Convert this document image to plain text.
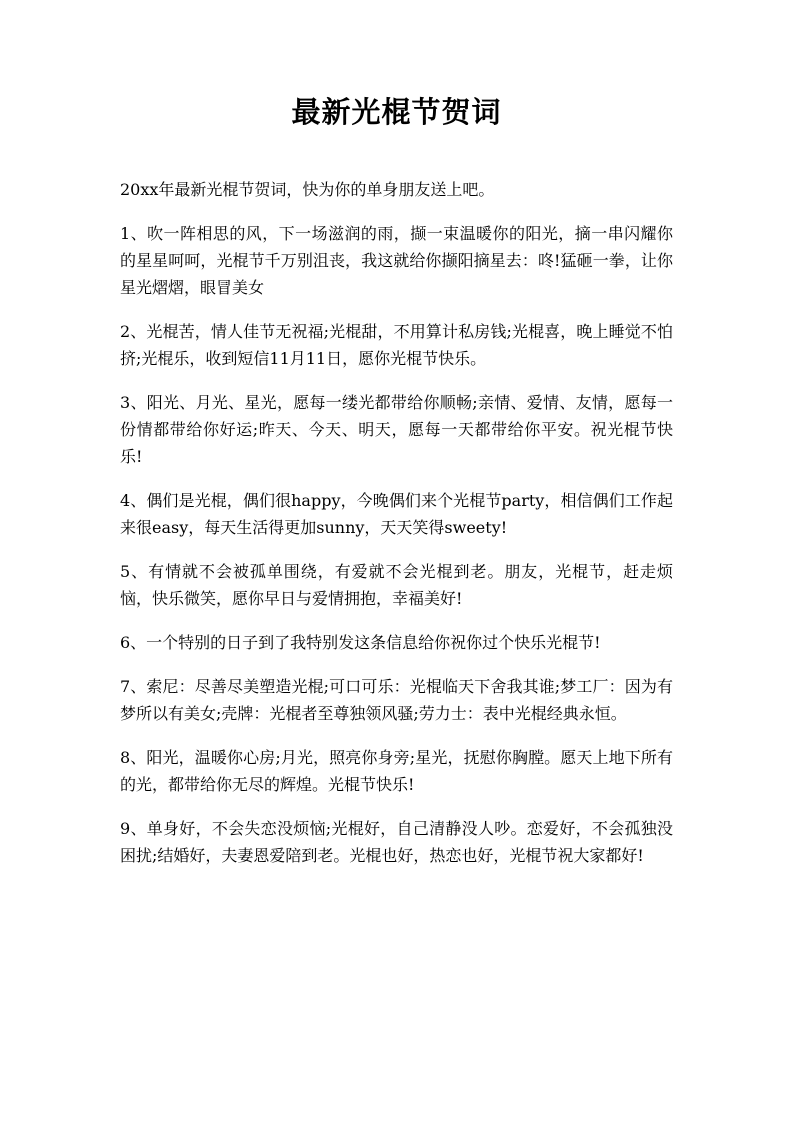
最新光棍节贺词

20xx年最新光棍节贺词，快为你的单身朋友送上吧。

1、吹一阵相思的风，下一场滋润的雨，撷一束温暖你的阳光，摘一串闪耀你的星星呵呵，光棍节千万别沮丧，我这就给你撷阳摘星去：咚!猛砸一拳，让你星光熠熠，眼冒美女

2、光棍苦，情人佳节无祝福;光棍甜，不用算计私房钱;光棍喜，晚上睡觉不怕挤;光棍乐，收到短信11月11日，愿你光棍节快乐。

3、阳光、月光、星光，愿每一缕光都带给你顺畅;亲情、爱情、友情，愿每一份情都带给你好运;昨天、今天、明天，愿每一天都带给你平安。祝光棍节快乐!

4、偶们是光棍，偶们很happy，今晚偶们来个光棍节party，相信偶们工作起来很easy，每天生活得更加sunny，天天笑得sweety!

5、有情就不会被孤单围绕，有爱就不会光棍到老。朋友，光棍节，赶走烦恼，快乐微笑，愿你早日与爱情拥抱，幸福美好!

6、一个特别的日子到了我特别发这条信息给你祝你过个快乐光棍节!

7、索尼：尽善尽美塑造光棍;可口可乐：光棍临天下舍我其谁;梦工厂：因为有梦所以有美女;壳牌：光棍者至尊独领风骚;劳力士：表中光棍经典永恒。

8、阳光，温暖你心房;月光，照亮你身旁;星光，抚慰你胸膛。愿天上地下所有的光，都带给你无尽的辉煌。光棍节快乐!

9、单身好，不会失恋没烦恼;光棍好，自己清静没人吵。恋爱好，不会孤独没困扰;结婚好，夫妻恩爱陪到老。光棍也好，热恋也好，光棍节祝大家都好!
